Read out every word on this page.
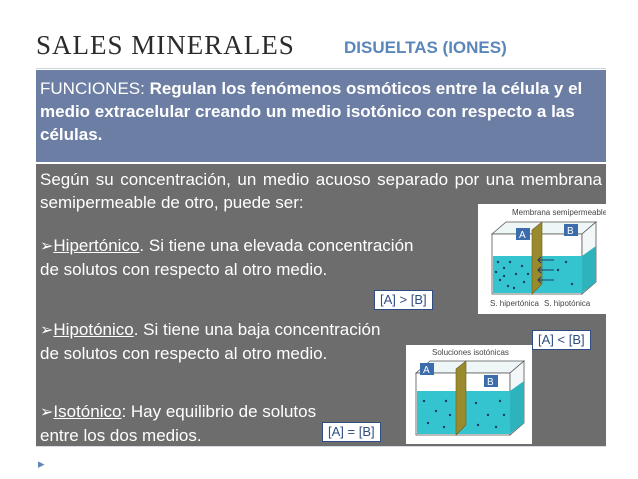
SALES MINERALES	DISUELTAS (IONES)
FUNCIONES: Regulan los fenómenos osmóticos entre la célula y el medio extracelular creando un medio isotónico con respecto a las células.
Según su concentración, un medio acuoso separado por una membrana semipermeable de otro, puede ser:
Membrana semipermeable
A	B
S. hipertónica S. hipotónica
Soluciones isotónicas
A
B
➢Hipertónico. Si tiene una elevada concentración
de solutos con respecto al otro medio.
➢Hipotónico. Si tiene una baja concentración
de solutos con respecto al otro medio.
➢Isotónico: Hay equilibrio de solutos
entre los dos medios.
[A] > [B]
[A] < [B]
[A] = [B]
▸
